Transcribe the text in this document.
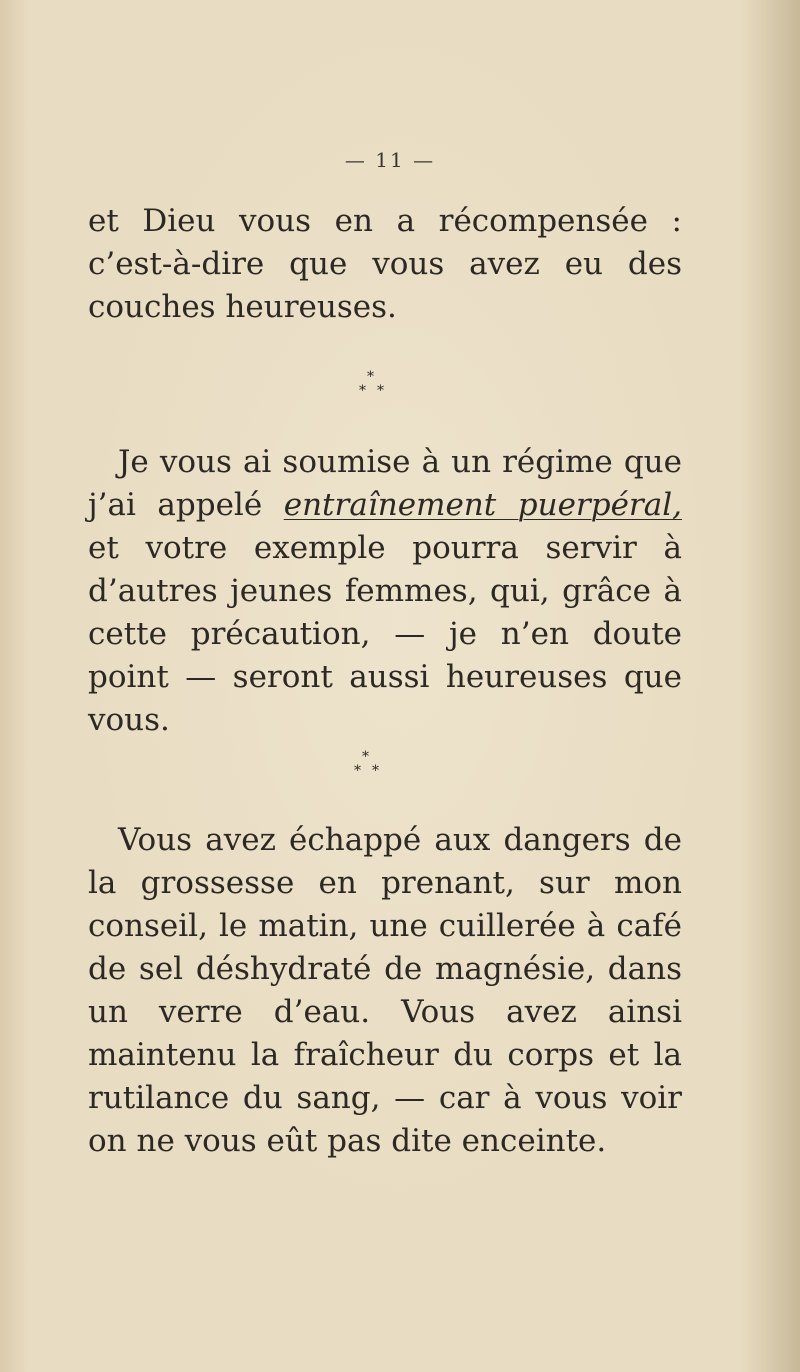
— 11 —

et Dieu vous en a récompensée : c’est-à-dire que vous avez eu des couches heureuses.

*
* *

Je vous ai soumise à un régime que j’ai appelé entraînement puerpéral, et votre exemple pourra servir à d’autres jeunes femmes, qui, grâce à cette précaution, — je n’en doute point — seront aussi heureuses que vous.

*
* *

Vous avez échappé aux dangers de la grossesse en prenant, sur mon conseil, le matin, une cuillerée à café de sel déshydraté de magnésie, dans un verre d’eau. Vous avez ainsi maintenu la fraîcheur du corps et la rutilance du sang, — car à vous voir on ne vous eût pas dite enceinte.
